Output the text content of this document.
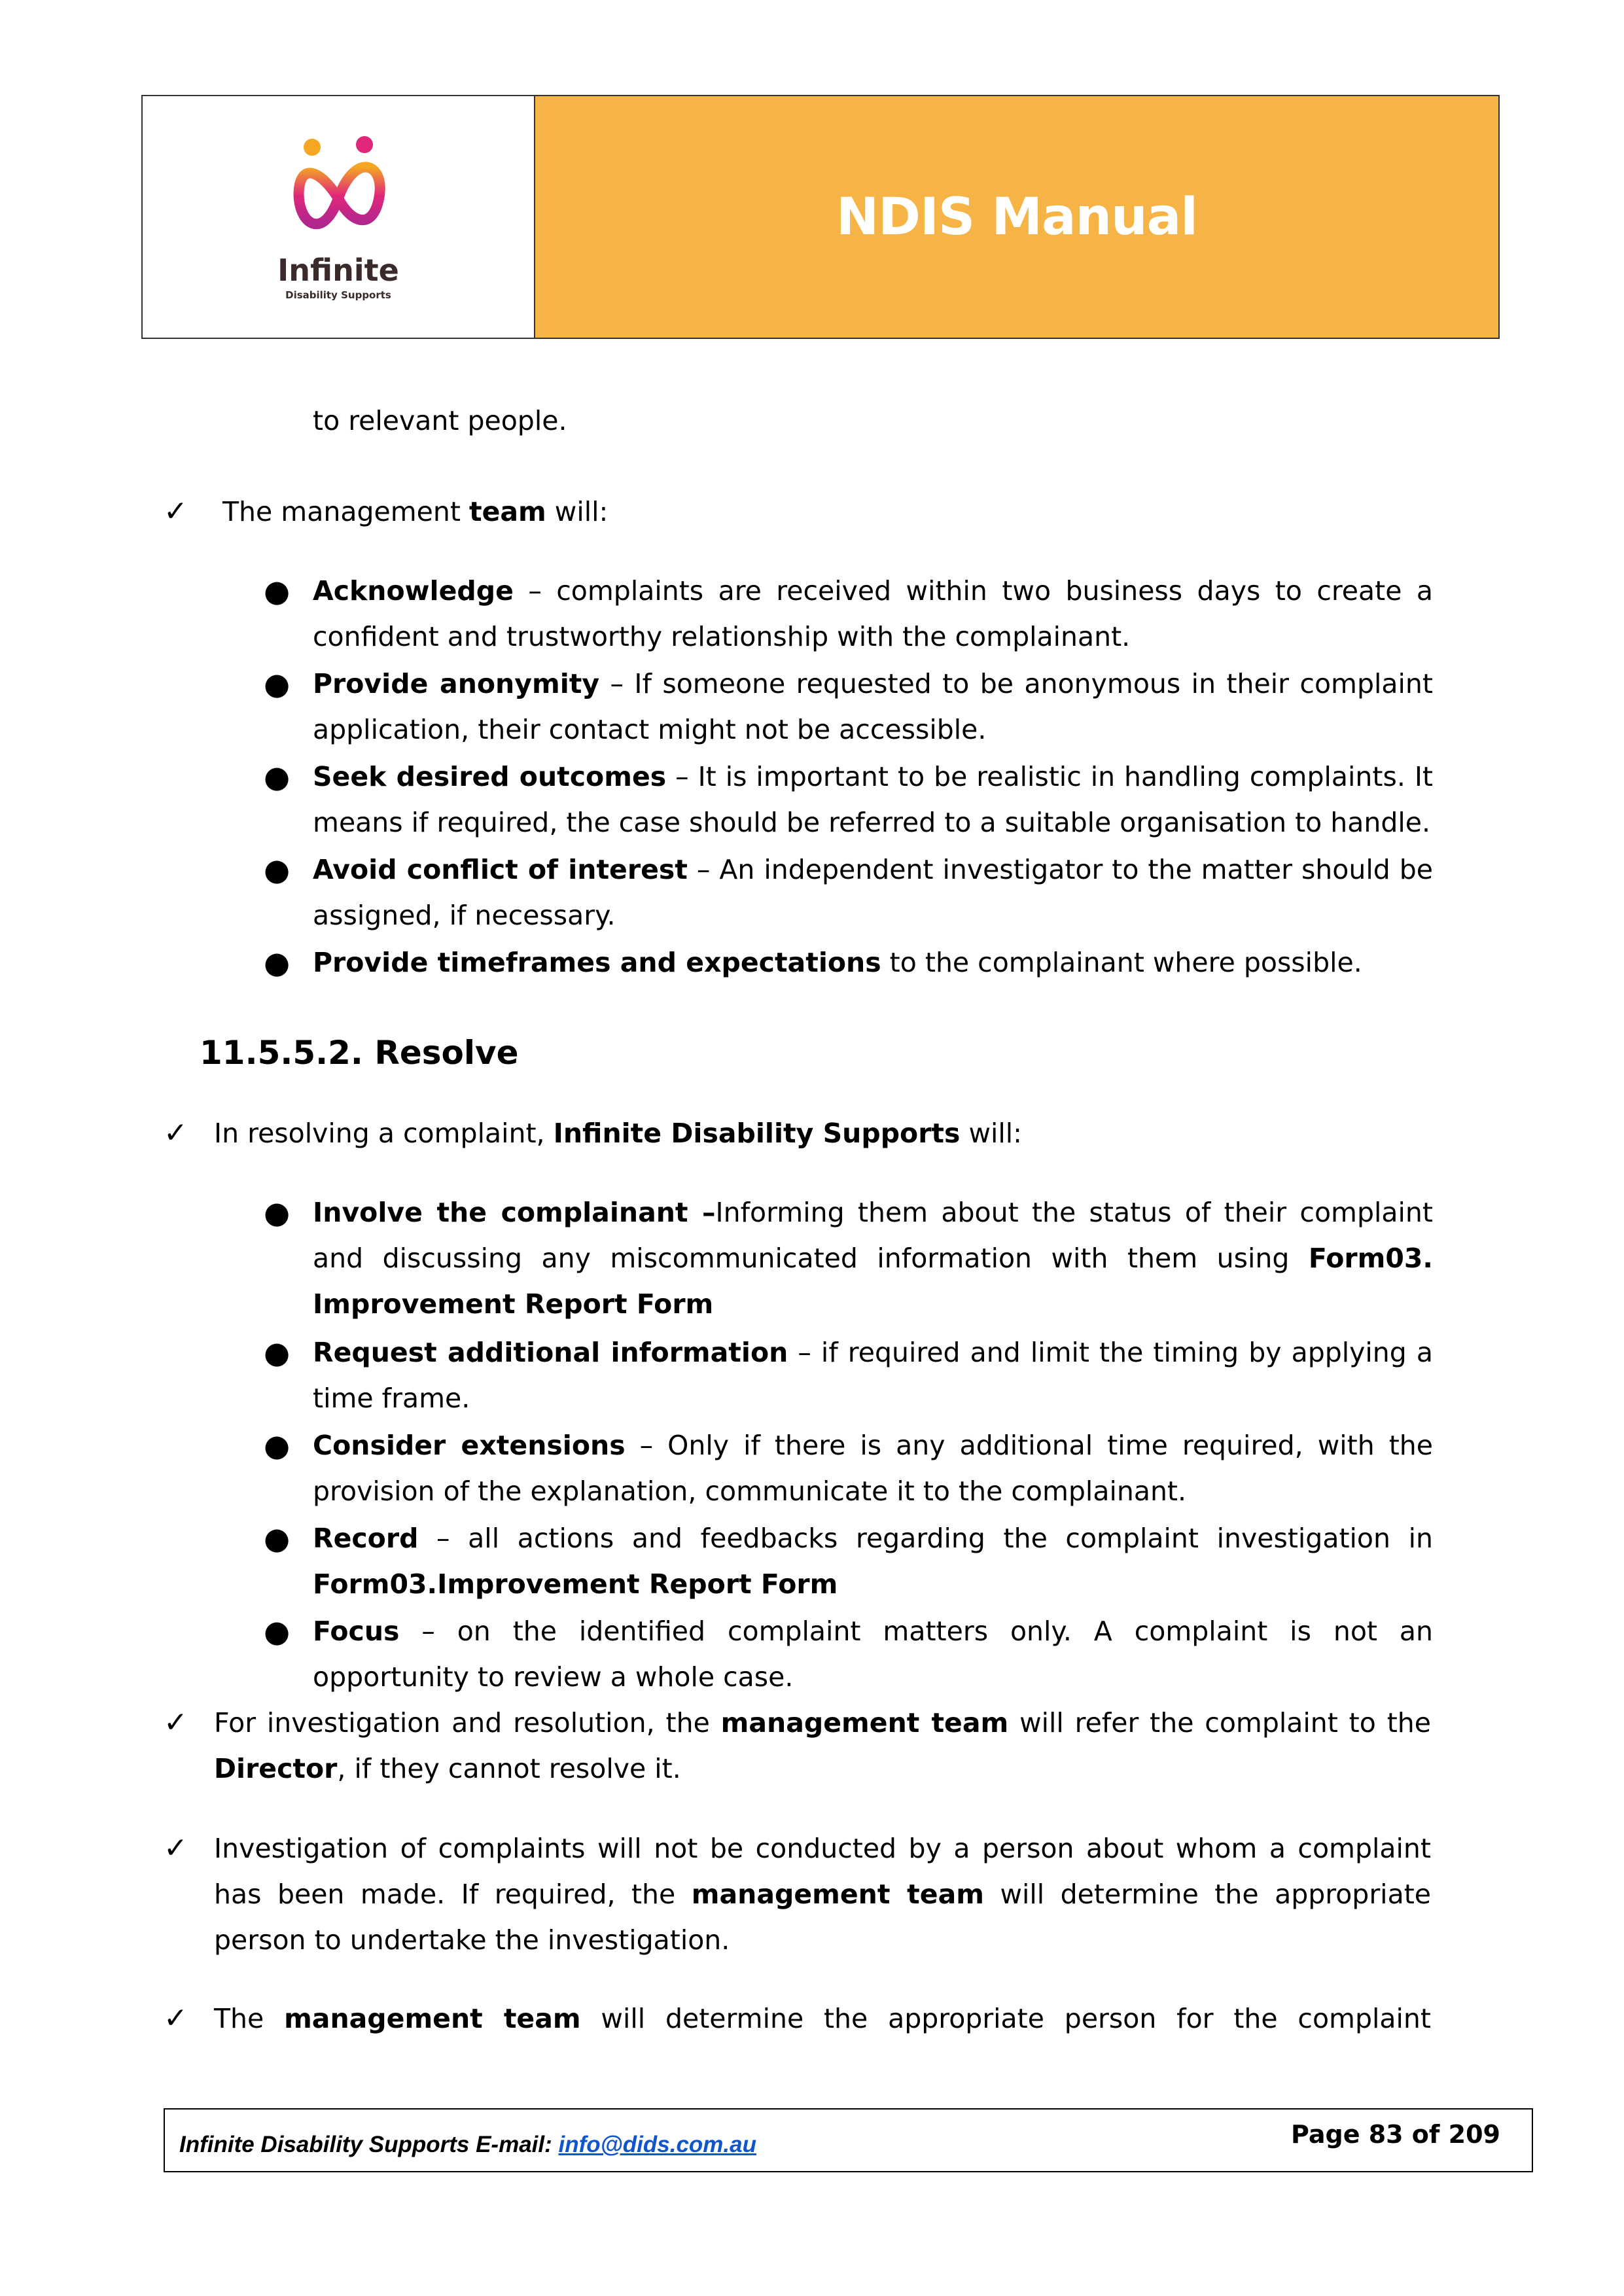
Infinite
Disability Supports
NDIS Manual
to relevant people.
✓ The management team will:
● Acknowledge – complaints are received within two business days to create a confident and trustworthy relationship with the complainant.
● Provide anonymity – If someone requested to be anonymous in their complaint application, their contact might not be accessible.
● Seek desired outcomes – It is important to be realistic in handling complaints. It means if required, the case should be referred to a suitable organisation to handle.
● Avoid conflict of interest – An independent investigator to the matter should be assigned, if necessary.
● Provide timeframes and expectations to the complainant where possible.
11.5.5.2. Resolve
✓ In resolving a complaint, Infinite Disability Supports will:
● Involve the complainant –Informing them about the status of their complaint and discussing any miscommunicated information with them using Form03. Improvement Report Form
● Request additional information – if required and limit the timing by applying a time frame.
● Consider extensions – Only if there is any additional time required, with the provision of the explanation, communicate it to the complainant.
● Record – all actions and feedbacks regarding the complaint investigation in Form03.Improvement Report Form
● Focus – on the identified complaint matters only. A complaint is not an opportunity to review a whole case.
✓ For investigation and resolution, the management team will refer the complaint to the Director, if they cannot resolve it.
✓ Investigation of complaints will not be conducted by a person about whom a complaint has been made. If required, the management team will determine the appropriate person to undertake the investigation.
✓ The management team will determine the appropriate person for the complaint
Infinite Disability Supports E-mail: info@dids.com.au	Page 83 of 209
